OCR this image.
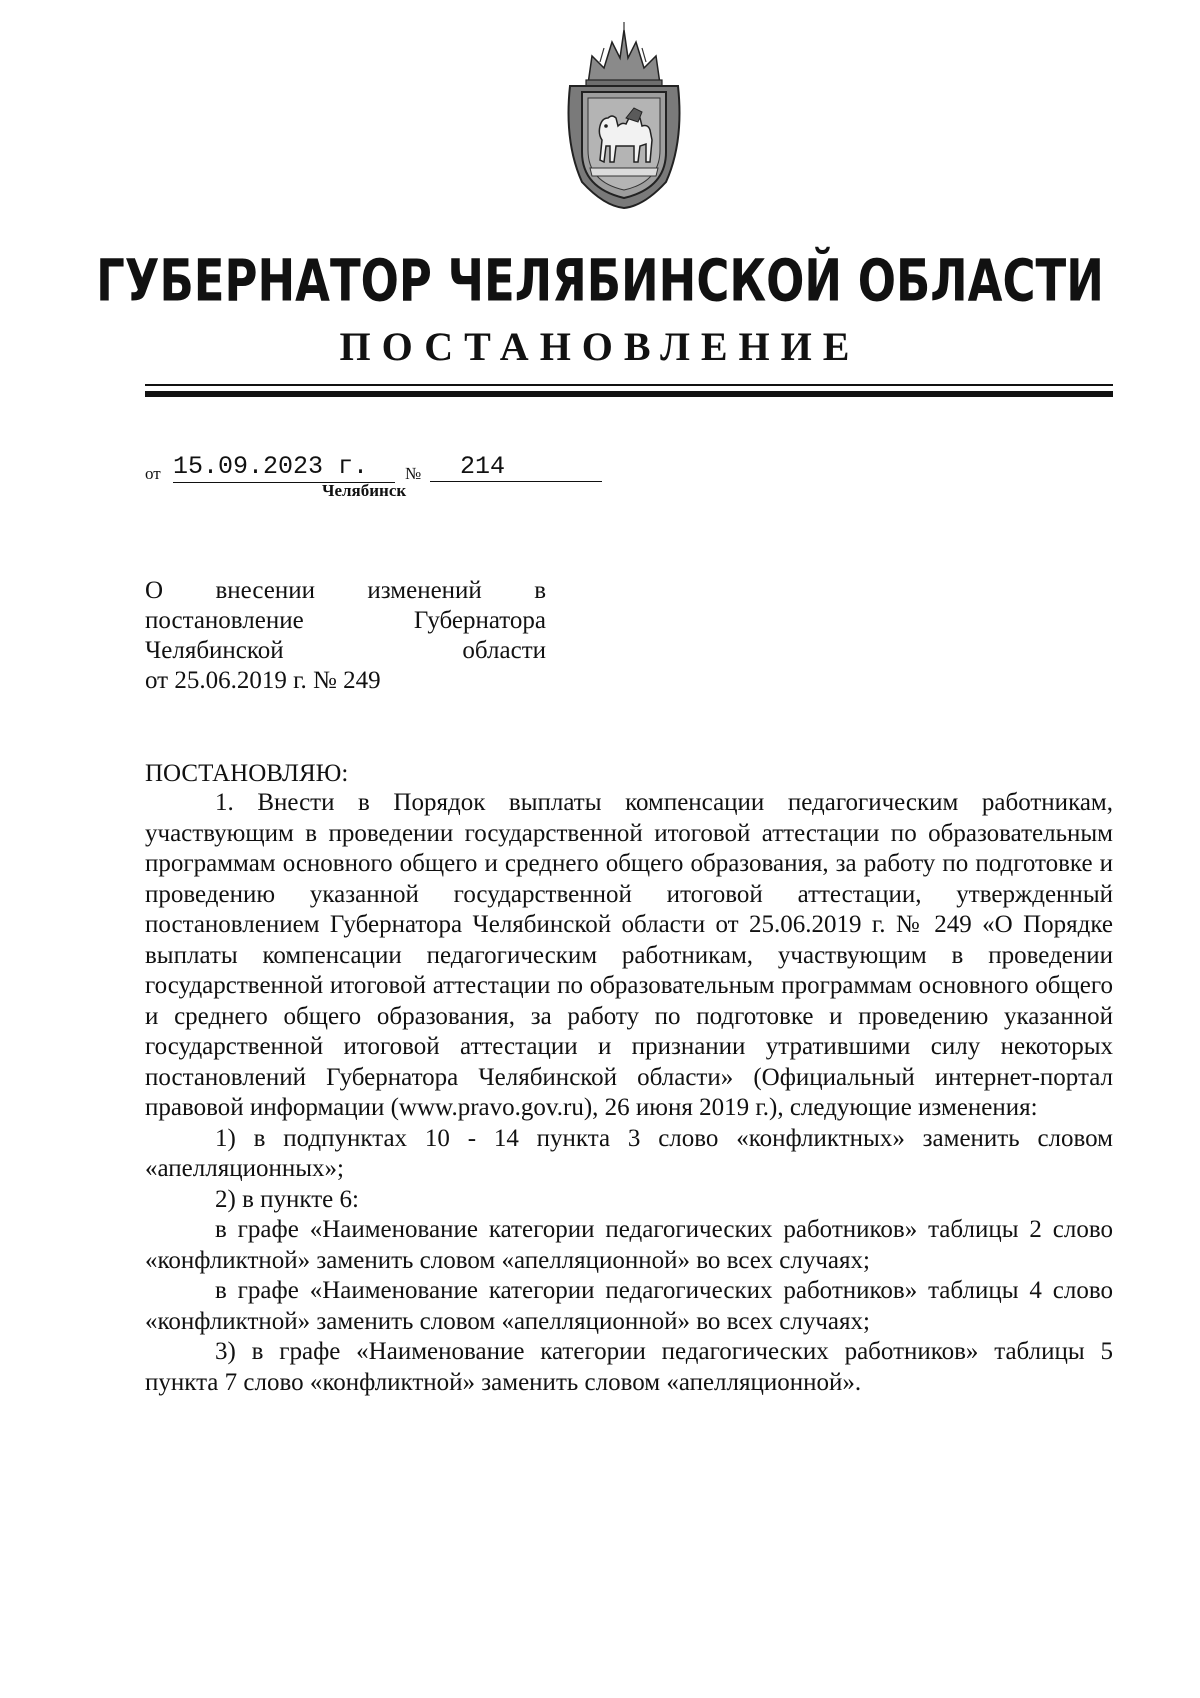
ГУБЕРНАТОР ЧЕЛЯБИНСКОЙ ОБЛАСТИ
ПОСТАНОВЛЕНИЕ
от 15.09.2023 г.	№	214
Челябинск
О внесении изменений в
постановление Губернатора
Челябинской области
от 25.06.2019 г. № 249
ПОСТАНОВЛЯЮ:

1. Внести в Порядок выплаты компенсации педагогическим работникам, участвующим в проведении государственной итоговой аттестации по образовательным программам основного общего и среднего общего образования, за работу по подготовке и проведению указанной государственной итоговой аттестации, утвержденный постановлением Губернатора Челябинской области от 25.06.2019 г. № 249 «О Порядке выплаты компенсации педагогическим работникам, участвующим в проведении государственной итоговой аттестации по образовательным программам основного общего и среднего общего образования, за работу по подготовке и проведению указанной государственной итоговой аттестации и признании утратившими силу некоторых постановлений Губернатора Челябинской области» (Официальный интернет-портал правовой информации (www.pravo.gov.ru), 26 июня 2019 г.), следующие изменения:

1) в подпунктах 10 - 14 пункта 3 слово «конфликтных» заменить словом «апелляционных»;

2) в пункте 6:

в графе «Наименование категории педагогических работников» таблицы 2 слово «конфликтной» заменить словом «апелляционной» во всех случаях;

в графе «Наименование категории педагогических работников» таблицы 4 слово «конфликтной» заменить словом «апелляционной» во всех случаях;

3) в графе «Наименование категории педагогических работников» таблицы 5 пункта 7 слово «конфликтной» заменить словом «апелляционной».
